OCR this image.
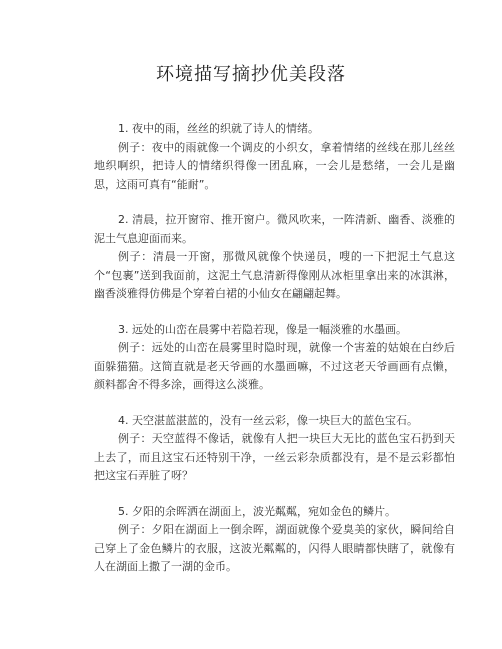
环境描写摘抄优美段落

1. 夜中的雨，丝丝的织就了诗人的情绪。

例子：夜中的雨就像一个调皮的小织女，拿着情绪的丝线在那儿丝丝地织啊织，把诗人的情绪织得像一团乱麻，一会儿是愁绪，一会儿是幽思，这雨可真有“能耐”。

2. 清晨，拉开窗帘、推开窗户。微风吹来，一阵清新、幽香、淡雅的泥土气息迎面而来。

例子：清晨一开窗，那微风就像个快递员，嗖的一下把泥土气息这个“包裹”送到我面前，这泥土气息清新得像刚从冰柜里拿出来的冰淇淋，幽香淡雅得仿佛是个穿着白裙的小仙女在翩翩起舞。

3. 远处的山峦在晨雾中若隐若现，像是一幅淡雅的水墨画。

例子：远处的山峦在晨雾里时隐时现，就像一个害羞的姑娘在白纱后面躲猫猫。这简直就是老天爷画的水墨画嘛，不过这老天爷画画有点懒，颜料都舍不得多涂，画得这么淡雅。

4. 天空湛蓝湛蓝的，没有一丝云彩，像一块巨大的蓝色宝石。

例子：天空蓝得不像话，就像有人把一块巨大无比的蓝色宝石扔到天上去了，而且这宝石还特别干净，一丝云彩杂质都没有，是不是云彩都怕把这宝石弄脏了呀？

5. 夕阳的余晖洒在湖面上，波光粼粼，宛如金色的鳞片。

例子：夕阳在湖面上一倒余晖，湖面就像个爱臭美的家伙，瞬间给自己穿上了金色鳞片的衣服，这波光粼粼的，闪得人眼睛都快瞎了，就像有人在湖面上撒了一湖的金币。
